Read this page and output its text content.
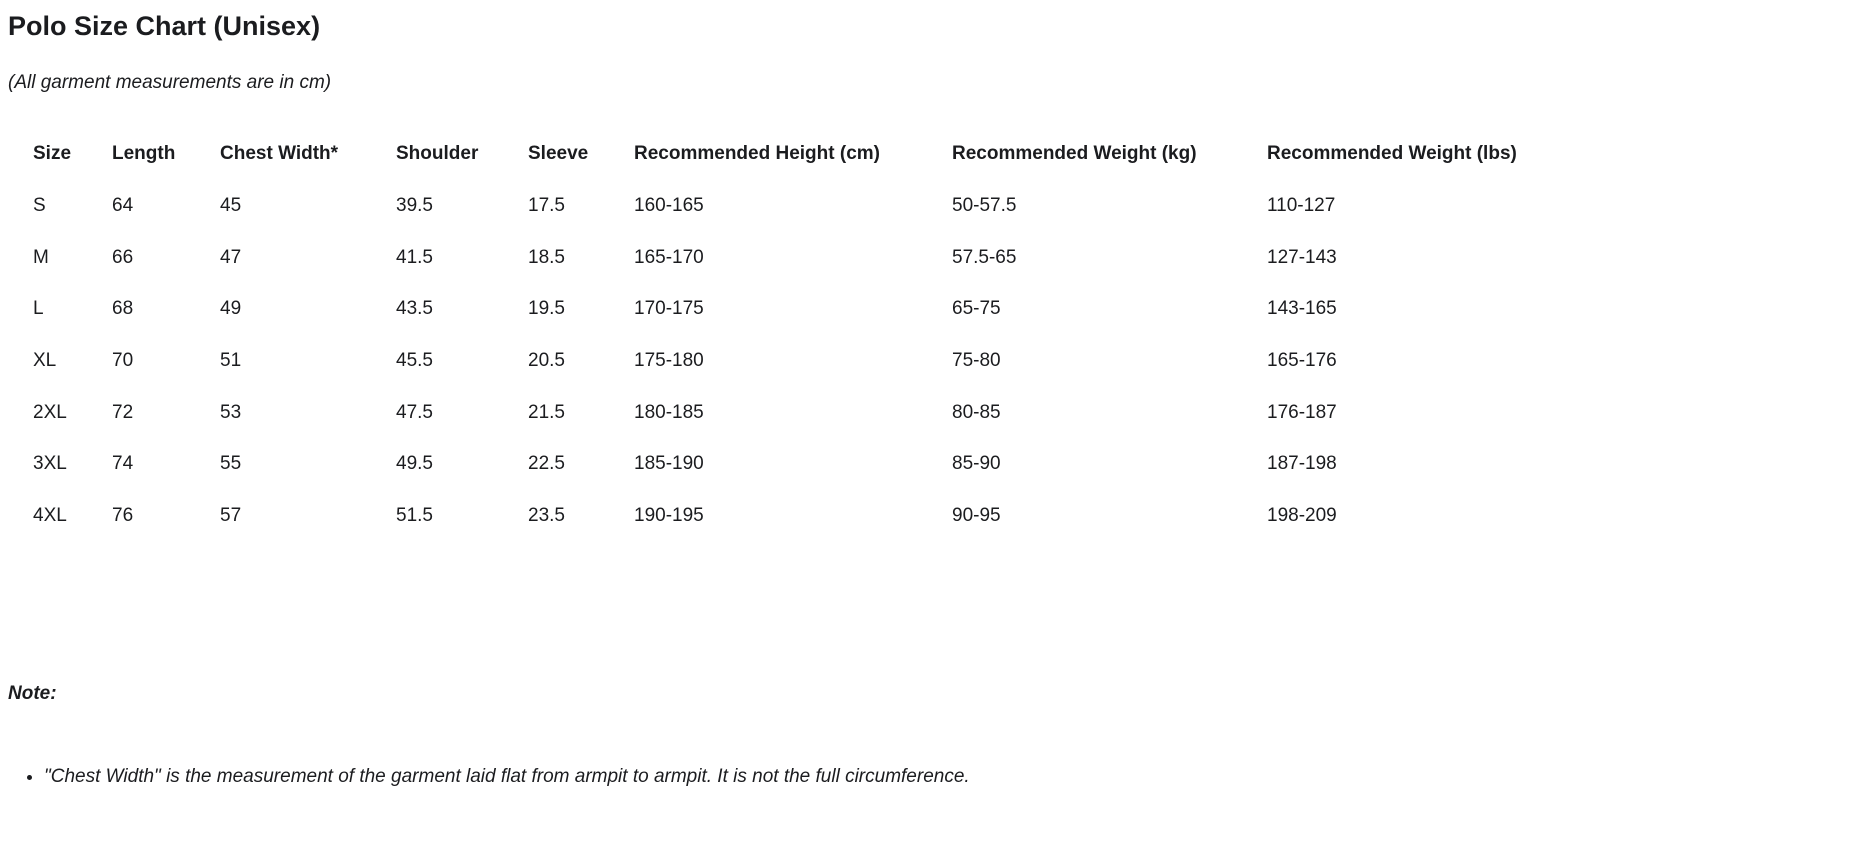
Polo Size Chart (Unisex)

(All garment measurements are in cm)

Size	Length	Chest Width*	Shoulder	Sleeve	Recommended Height (cm)	Recommended Weight (kg)	Recommended Weight (lbs)
S	64	45	39.5	17.5	160-165	50-57.5	110-127
M	66	47	41.5	18.5	165-170	57.5-65	127-143
L	68	49	43.5	19.5	170-175	65-75	143-165
XL	70	51	45.5	20.5	175-180	75-80	165-176
2XL	72	53	47.5	21.5	180-185	80-85	176-187
3XL	74	55	49.5	22.5	185-190	85-90	187-198
4XL	76	57	51.5	23.5	190-195	90-95	198-209

Note:

• "Chest Width" is the measurement of the garment laid flat from armpit to armpit. It is not the full circumference.
